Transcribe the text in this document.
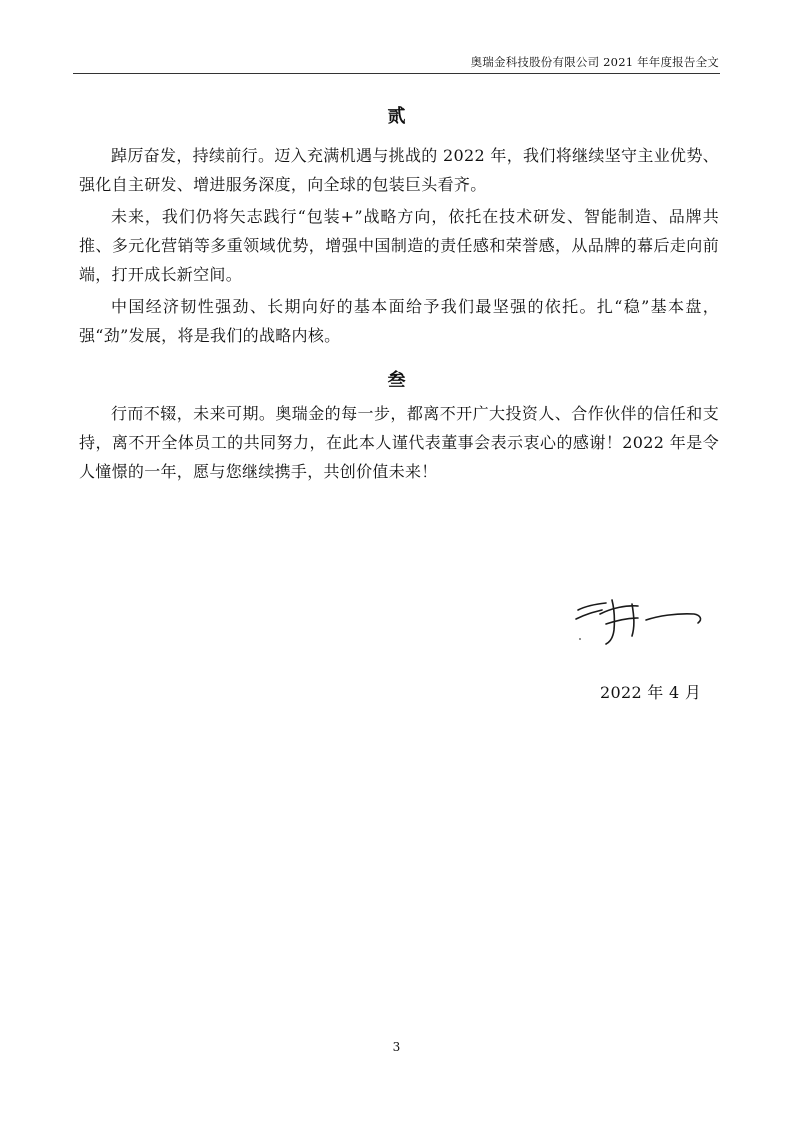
奥瑞金科技股份有限公司 2021 年年度报告全文
贰

踔厉奋发，持续前行。迈入充满机遇与挑战的 2022 年，我们将继续坚守主业优势、强化自主研发、增进服务深度，向全球的包装巨头看齐。

未来，我们仍将矢志践行“包装+”战略方向，依托在技术研发、智能制造、品牌共推、多元化营销等多重领域优势，增强中国制造的责任感和荣誉感，从品牌的幕后走向前端，打开成长新空间。

中国经济韧性强劲、长期向好的基本面给予我们最坚强的依托。扎“稳”基本盘，强“劲”发展，将是我们的战略内核。

叁

行而不辍，未来可期。奥瑞金的每一步，都离不开广大投资人、合作伙伴的信任和支持，离不开全体员工的共同努力，在此本人谨代表董事会表示衷心的感谢！2022 年是令人憧憬的一年，愿与您继续携手，共创价值未来！

2022 年 4 月
3
